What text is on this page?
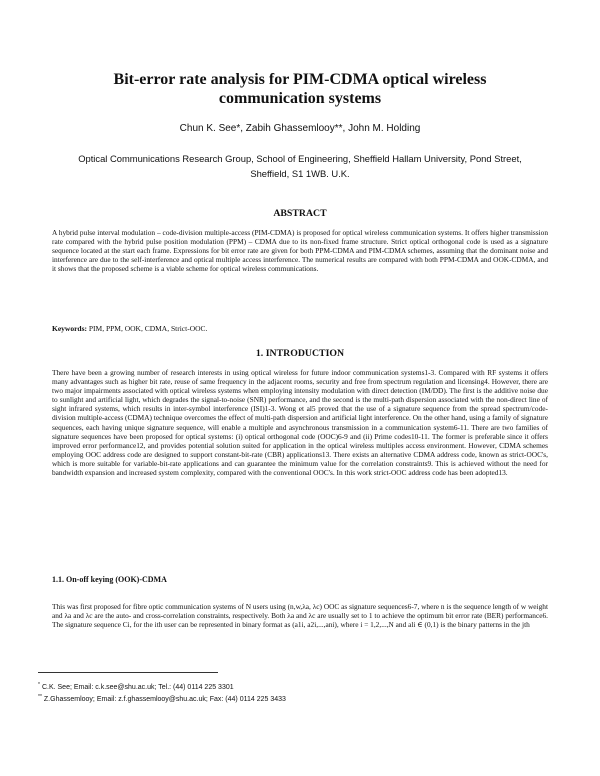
Bit-error rate analysis for PIM-CDMA optical wireless communication systems
Chun K. See*, Zabih Ghassemlooy**, John M. Holding
Optical Communications Research Group, School of Engineering, Sheffield Hallam University, Pond Street, Sheffield, S1 1WB. U.K.
ABSTRACT

A hybrid pulse interval modulation – code-division multiple-access (PIM-CDMA) is proposed for optical wireless communication systems. It offers higher transmission rate compared with the hybrid pulse position modulation (PPM) – CDMA due to its non-fixed frame structure. Strict optical orthogonal code is used as a signature sequence located at the start each frame. Expressions for bit error rate are given for both PPM-CDMA and PIM-CDMA schemes, assuming that the dominant noise and interference are due to the self-interference and optical multiple access interference. The numerical results are compared with both PPM-CDMA and OOK-CDMA, and it shows that the proposed scheme is a viable scheme for optical wireless communications.

Keywords: PIM, PPM, OOK, CDMA, Strict-OOC.
1. INTRODUCTION

There have been a growing number of research interests in using optical wireless for future indoor communication systems1-3. Compared with RF systems it offers many advantages such as higher bit rate, reuse of same frequency in the adjacent rooms, security and free from spectrum regulation and licensing4. However, there are two major impairments associated with optical wireless systems when employing intensity modulation with direct detection (IM/DD). The first is the additive noise due to sunlight and artificial light, which degrades the signal-to-noise (SNR) performance, and the second is the multi-path dispersion associated with the non-direct line of sight infrared systems, which results in inter-symbol interference (ISI)1-3. Wong et al5 proved that the use of a signature sequence from the spread spectrum/code-division multiple-access (CDMA) technique overcomes the effect of multi-path dispersion and artificial light interference. On the other hand, using a family of signature sequences, each having unique signature sequence, will enable a multiple and asynchronous transmission in a communication system6-11. There are two families of signature sequences have been proposed for optical systems: (i) optical orthogonal code (OOC)6-9 and (ii) Prime codes10-11. The former is preferable since it offers improved error performance12, and provides potential solution suited for application in the optical wireless multiples access environment. However, CDMA schemes employing OOC address code are designed to support constant-bit-rate (CBR) applications13. There exists an alternative CDMA address code, known as strict-OOC's, which is more suitable for variable-bit-rate applications and can guarantee the minimum value for the correlation constraints9. This is achieved without the need for bandwidth expansion and increased system complexity, compared with the conventional OOC's. In this work strict-OOC address code has been adopted13.

1.1. On-off keying (OOK)-CDMA

This was first proposed for fibre optic communication systems of N users using (n,w,λa, λc) OOC as signature sequences6-7, where n is the sequence length of w weight and λa and λc are the auto- and cross-correlation constraints, respectively. Both λa and λc are usually set to 1 to achieve the optimum bit error rate (BER) performance6. The signature sequence Ci, for the ith user can be represented in binary format as (a1i, a2i,...,ani), where i = 1,2,...,N and ali ∈ (0,1) is the binary patterns in the jth

* C.K. See; Email: c.k.see@shu.ac.uk; Tel.: (44) 0114 225 3301
** Z.Ghassemlooy; Email: z.f.ghassemlooy@shu.ac.uk; Fax: (44) 0114 225 3433
